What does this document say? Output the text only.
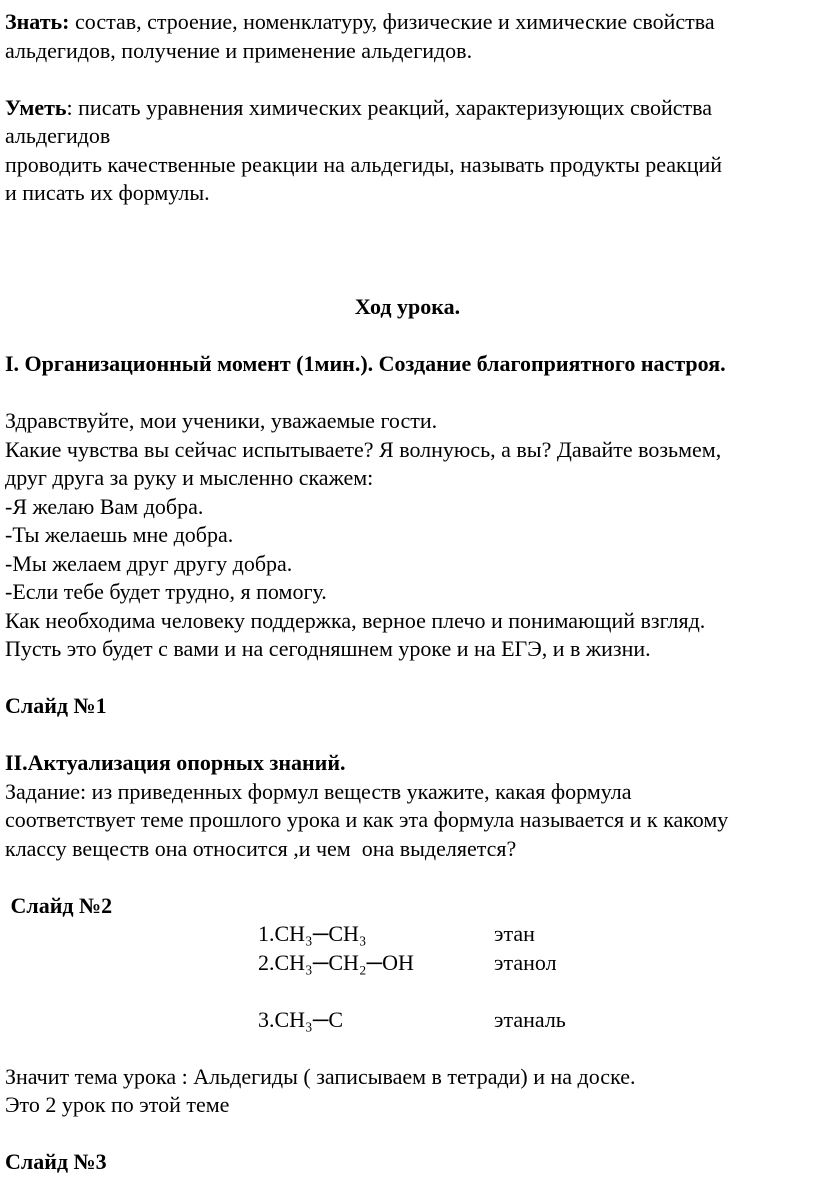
Знать: состав, строение, номенклатуру, физические и химические свойства
альдегидов, получение и применение альдегидов.
Уметь: писать уравнения химических реакций, характеризующих свойства
альдегидов
проводить качественные реакции на альдегиды, называть продукты реакций
и писать их формулы.
Ход урока.
I. Организационный момент (1мин.). Создание благоприятного настроя.
Здравствуйте, мои ученики, уважаемые гости.
Какие чувства вы сейчас испытываете? Я волнуюсь, а вы? Давайте возьмем,
друг друга за руку и мысленно скажем:
-Я желаю Вам добра.
-Ты желаешь мне добра.
-Мы желаем друг другу добра.
-Если тебе будет трудно, я помогу.
Как необходима человеку поддержка, верное плечо и понимающий взгляд.
Пусть это будет с вами и на сегодняшнем уроке и на ЕГЭ, и в жизни.
Слайд №1
II.Актуализация опорных знаний.
Задание: из приведенных формул веществ укажите, какая формула
соответствует теме прошлого урока и как эта формула называется и к какому
классу веществ она относится ,и чем  она выделяется?
Слайд №2
1.CH₃─CH₃	этан
2.CH₃─CH₂─OH	этанол
3.CH₃─C	этаналь
Значит тема урока : Альдегиды ( записываем в тетради) и на доске.
Это 2 урок по этой теме
Слайд №3
